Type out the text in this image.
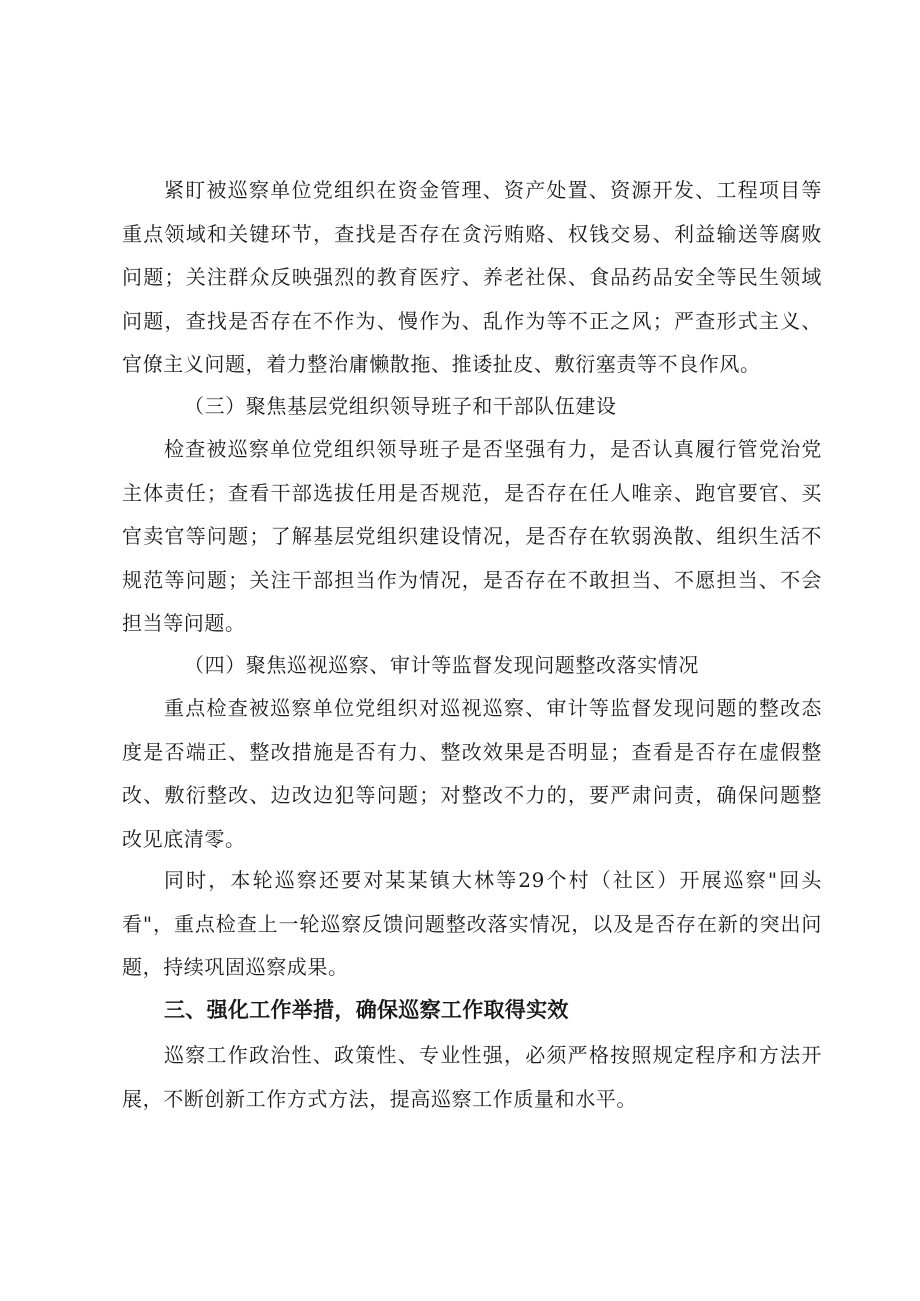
紧盯被巡察单位党组织在资金管理、资产处置、资源开发、工程项目等重点领域和关键环节，查找是否存在贪污贿赂、权钱交易、利益输送等腐败问题；关注群众反映强烈的教育医疗、养老社保、食品药品安全等民生领域问题，查找是否存在不作为、慢作为、乱作为等不正之风；严查形式主义、官僚主义问题，着力整治庸懒散拖、推诿扯皮、敷衍塞责等不良作风。

（三）聚焦基层党组织领导班子和干部队伍建设

检查被巡察单位党组织领导班子是否坚强有力，是否认真履行管党治党主体责任；查看干部选拔任用是否规范，是否存在任人唯亲、跑官要官、买官卖官等问题；了解基层党组织建设情况，是否存在软弱涣散、组织生活不规范等问题；关注干部担当作为情况，是否存在不敢担当、不愿担当、不会担当等问题。

（四）聚焦巡视巡察、审计等监督发现问题整改落实情况

重点检查被巡察单位党组织对巡视巡察、审计等监督发现问题的整改态度是否端正、整改措施是否有力、整改效果是否明显；查看是否存在虚假整改、敷衍整改、边改边犯等问题；对整改不力的，要严肃问责，确保问题整改见底清零。

同时，本轮巡察还要对某某镇大林等29个村（社区）开展巡察"回头看"，重点检查上一轮巡察反馈问题整改落实情况，以及是否存在新的突出问题，持续巩固巡察成果。

三、强化工作举措，确保巡察工作取得实效

巡察工作政治性、政策性、专业性强，必须严格按照规定程序和方法开展，不断创新工作方式方法，提高巡察工作质量和水平。
